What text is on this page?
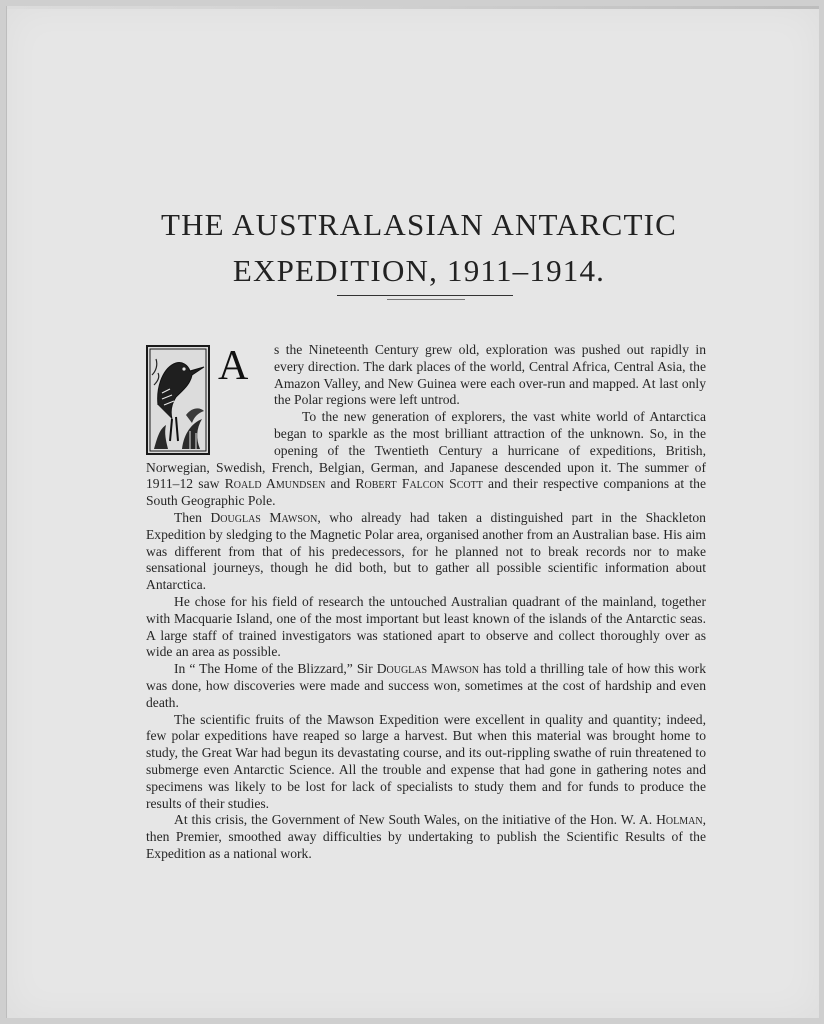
THE AUSTRALASIAN ANTARCTIC
EXPEDITION, 1911–1914.

A s the Nineteenth Century grew old, exploration was pushed out rapidly in every direction. The dark places of the world, Central Africa, Central Asia, the Amazon Valley, and New Guinea were each over-run and mapped. At last only the Polar regions were left untrod.

To the new generation of explorers, the vast white world of Antarctica began to sparkle as the most brilliant attraction of the unknown. So, in the opening of the Twentieth Century a hurricane of expeditions, British, Norwegian, Swedish, French, Belgian, German, and Japanese descended upon it. The summer of 1911–12 saw Roald Amundsen and Robert Falcon Scott and their respective companions at the South Geographic Pole.

Then Douglas Mawson, who already had taken a distinguished part in the Shackleton Expedition by sledging to the Magnetic Polar area, organised another from an Australian base. His aim was different from that of his predecessors, for he planned not to break records nor to make sensational journeys, though he did both, but to gather all possible scientific information about Antarctica.

He chose for his field of research the untouched Australian quadrant of the mainland, together with Macquarie Island, one of the most important but least known of the islands of the Antarctic seas. A large staff of trained investigators was stationed apart to observe and collect thoroughly over as wide an area as possible.

In “ The Home of the Blizzard,” Sir Douglas Mawson has told a thrilling tale of how this work was done, how discoveries were made and success won, sometimes at the cost of hardship and even death.

The scientific fruits of the Mawson Expedition were excellent in quality and quantity; indeed, few polar expeditions have reaped so large a harvest. But when this material was brought home to study, the Great War had begun its devastating course, and its out-rippling swathe of ruin threatened to submerge even Antarctic Science. All the trouble and expense that had gone in gathering notes and specimens was likely to be lost for lack of specialists to study them and for funds to produce the results of their studies.

At this crisis, the Government of New South Wales, on the initiative of the Hon. W. A. Holman, then Premier, smoothed away difficulties by undertaking to publish the Scientific Results of the Expedition as a national work.
